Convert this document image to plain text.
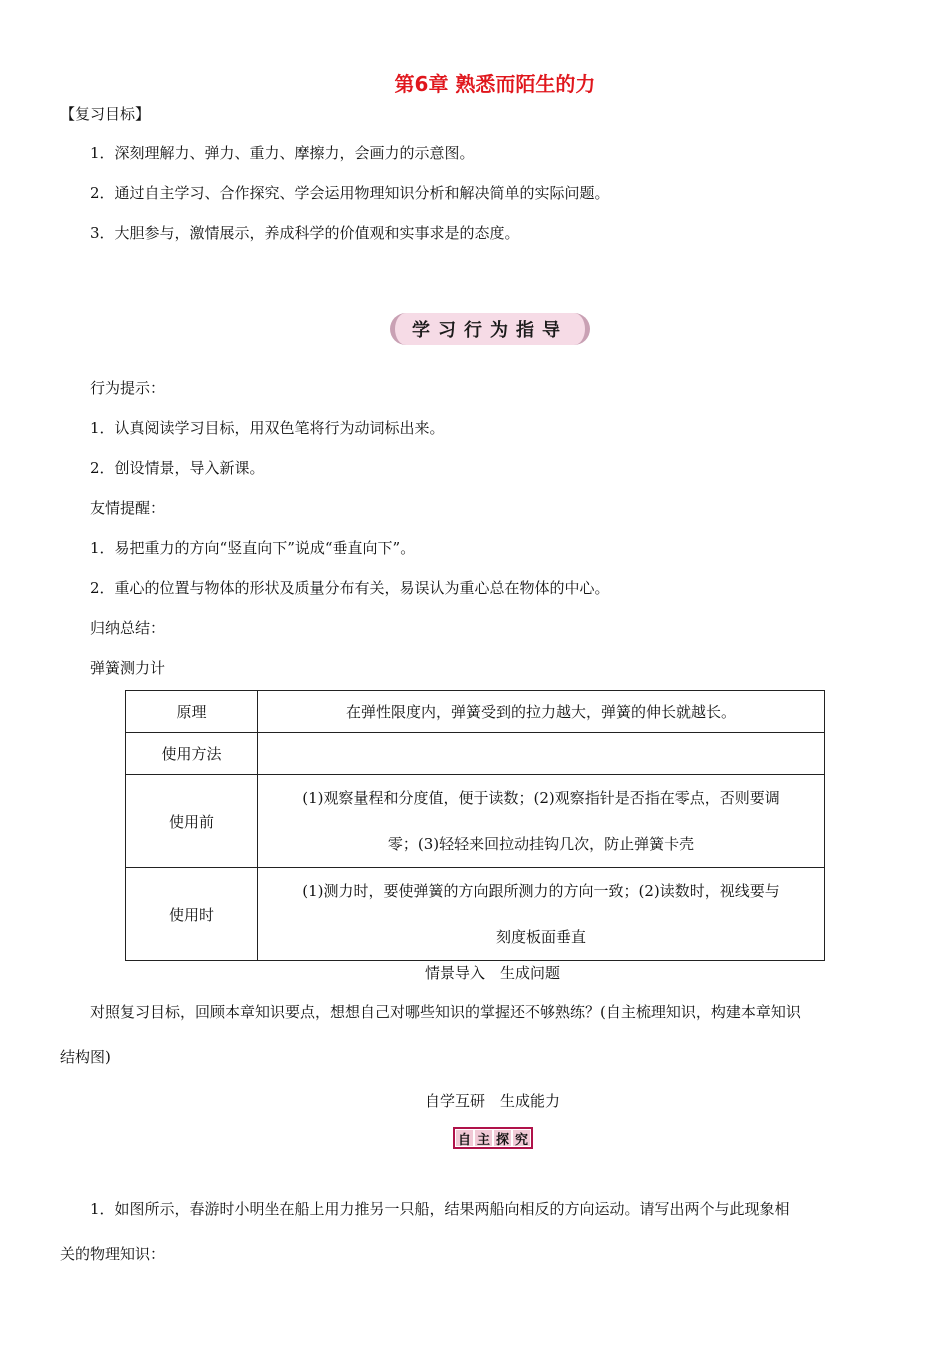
第6章 熟悉而陌生的力
【复习目标】
1．深刻理解力、弹力、重力、摩擦力，会画力的示意图。
2．通过自主学习、合作探究、学会运用物理知识分析和解决简单的实际问题。
3．大胆参与，激情展示，养成科学的价值观和实事求是的态度。
学习行为指导
行为提示：
1．认真阅读学习目标，用双色笔将行为动词标出来。
2．创设情景，导入新课。
友情提醒：
1．易把重力的方向“竖直向下”说成“垂直向下”。
2．重心的位置与物体的形状及质量分布有关，易误认为重心总在物体的中心。
归纳总结：
弹簧测力计
原理	在弹性限度内，弹簧受到的拉力越大，弹簧的伸长就越长。
使用方法	
使用前	(1)观察量程和分度值，便于读数；(2)观察指针是否指在零点，否则要调
零；(3)轻轻来回拉动挂钩几次，防止弹簧卡壳

使用时	(1)测力时，要使弹簧的方向跟所测力的方向一致；(2)读数时，视线要与
刻度板面垂直
情景导入　生成问题
对照复习目标，回顾本章知识要点，想想自己对哪些知识的掌握还不够熟练？(自主梳理知识，构建本章知识
结构图)
自学互研　生成能力
自 主 探 究
1．如图所示，春游时小明坐在船上用力推另一只船，结果两船向相反的方向运动。请写出两个与此现象相
关的物理知识：
